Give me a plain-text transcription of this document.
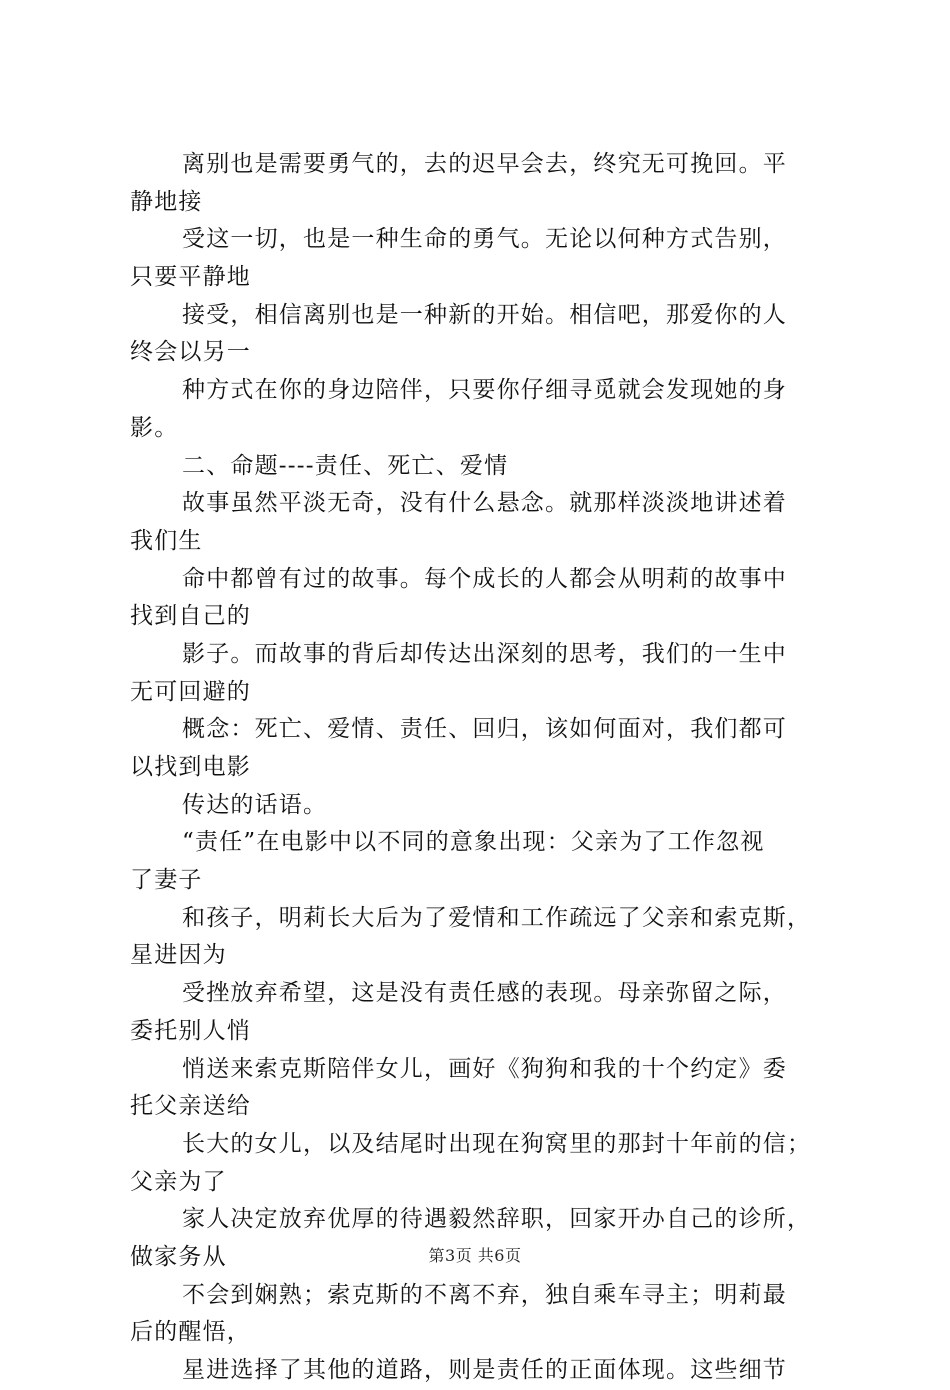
离别也是需要勇气的，去的迟早会去，终究无可挽回。平
静地接
受这一切，也是一种生命的勇气。无论以何种方式告别，
只要平静地
接受，相信离别也是一种新的开始。相信吧，那爱你的人
终会以另一
种方式在你的身边陪伴，只要你仔细寻觅就会发现她的身
影。
二、命题----责任、死亡、爱情
故事虽然平淡无奇，没有什么悬念。就那样淡淡地讲述着
我们生
命中都曾有过的故事。每个成长的人都会从明莉的故事中
找到自己的
影子。而故事的背后却传达出深刻的思考，我们的一生中
无可回避的
概念：死亡、爱情、责任、回归，该如何面对，我们都可
以找到电影
传达的话语。
“责任”在电影中以不同的意象出现：父亲为了工作忽视
了妻子
和孩子，明莉长大后为了爱情和工作疏远了父亲和索克斯，
星进因为
受挫放弃希望，这是没有责任感的表现。母亲弥留之际，
委托别人悄
悄送来索克斯陪伴女儿，画好《狗狗和我的十个约定》委
托父亲送给
长大的女儿，以及结尾时出现在狗窝里的那封十年前的信；
父亲为了
家人决定放弃优厚的待遇毅然辞职，回家开办自己的诊所，
做家务从
不会到娴熟；索克斯的不离不弃，独自乘车寻主；明莉最
后的醒悟，
星进选择了其他的道路，则是责任的正面体现。这些细节
第3页 共6页
